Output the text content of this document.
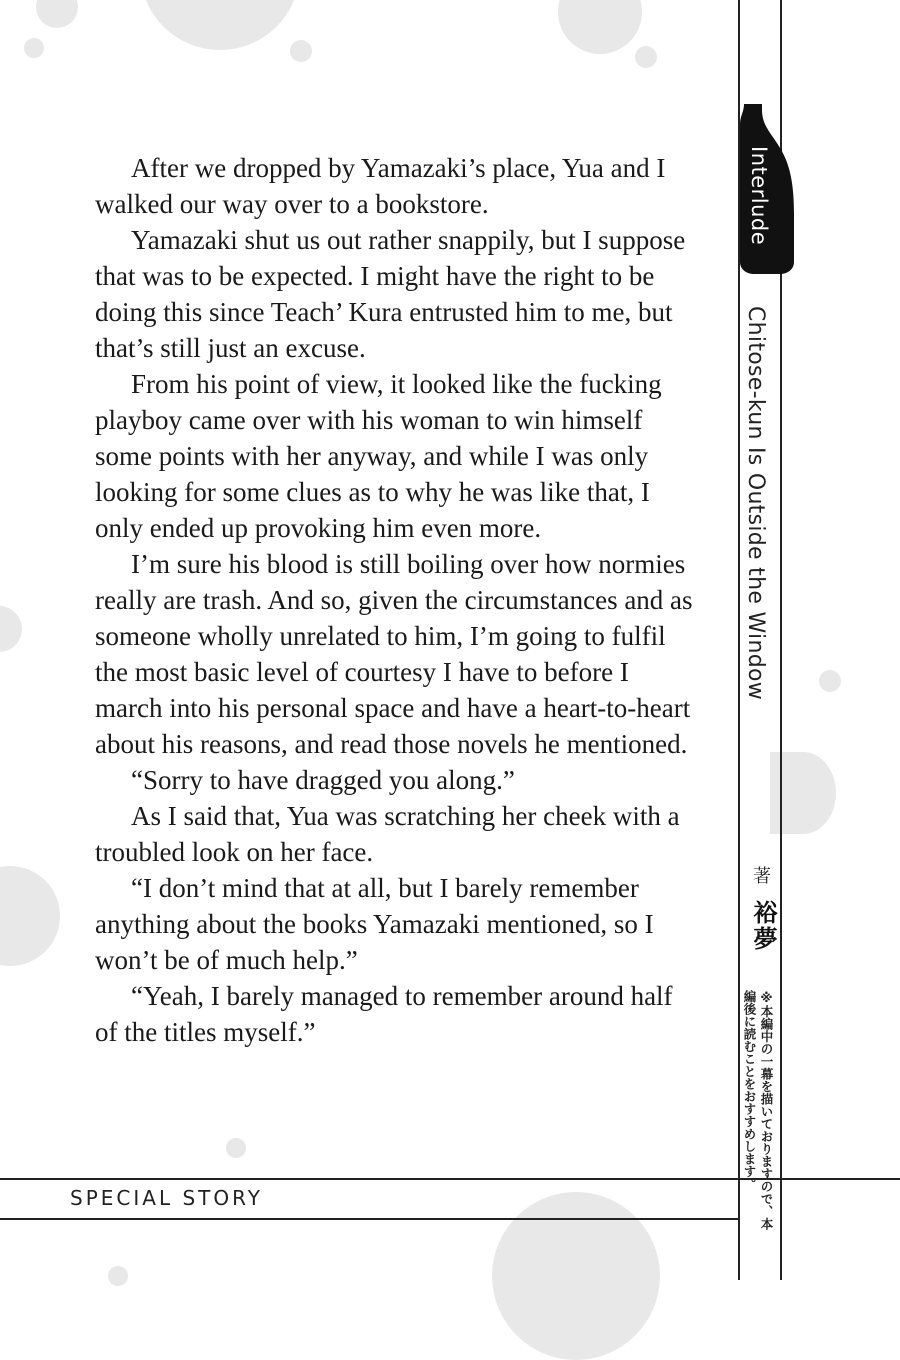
Interlude
Chitose-kun Is Outside the Window
著
裕夢
※本編中の一幕を描いておりますので、本編後に読むことをおすすめします。

After we dropped by Yamazaki’s place, Yua and I walked our way over to a bookstore.

Yamazaki shut us out rather snappily, but I suppose that was to be expected. I might have the right to be doing this since Teach’ Kura entrusted him to me, but that’s still just an excuse.

From his point of view, it looked like the fucking playboy came over with his woman to win himself some points with her anyway, and while I was only looking for some clues as to why he was like that, I only ended up provoking him even more.

I’m sure his blood is still boiling over how normies really are trash. And so, given the circumstances and as someone wholly unrelated to him, I’m going to fulfil the most basic level of courtesy I have to before I march into his personal space and have a heart-to-heart about his reasons, and read those novels he mentioned.

“Sorry to have dragged you along.”

As I said that, Yua was scratching her cheek with a troubled look on her face.

“I don’t mind that at all, but I barely remember anything about the books Yamazaki mentioned, so I won’t be of much help.”

“Yeah, I barely managed to remember around half of the titles myself.”

SPECIAL STORY
